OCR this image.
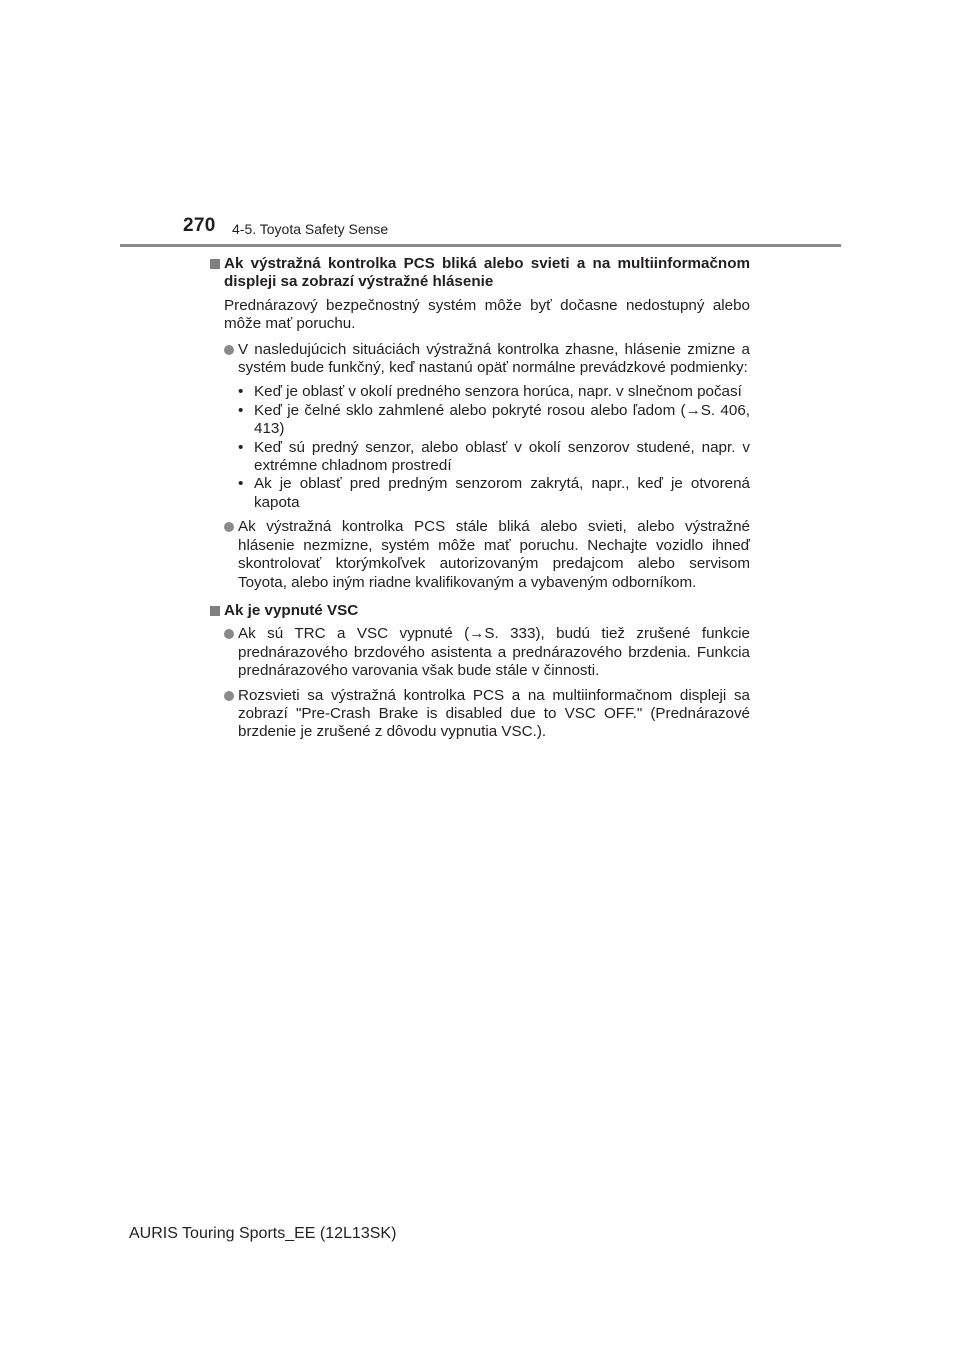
270 4-5. Toyota Safety Sense
Ak výstražná kontrolka PCS bliká alebo svieti a na multiinformačnom displeji sa zobrazí výstražné hlásenie
Prednárazový bezpečnostný systém môže byť dočasne nedostupný alebo môže mať poruchu.
V nasledujúcich situáciách výstražná kontrolka zhasne, hlásenie zmizne a systém bude funkčný, keď nastanú opäť normálne prevádzkové podmienky:
• Keď je oblasť v okolí predného senzora horúca, napr. v slnečnom počasí
• Keď je čelné sklo zahmlené alebo pokryté rosou alebo ľadom (→S. 406, 413)
• Keď sú predný senzor, alebo oblasť v okolí senzorov studené, napr. v extrémne chladnom prostredí
• Ak je oblasť pred predným senzorom zakrytá, napr., keď je otvorená kapota
Ak výstražná kontrolka PCS stále bliká alebo svieti, alebo výstražné hlásenie nezmizne, systém môže mať poruchu. Nechajte vozidlo ihneď skontrolovať ktorýmkoľvek autorizovaným predajcom alebo servisom Toyota, alebo iným riadne kvalifikovaným a vybaveným odborníkom.
Ak je vypnuté VSC
Ak sú TRC a VSC vypnuté (→S. 333), budú tiež zrušené funkcie prednárazového brzdového asistenta a prednárazového brzdenia. Funkcia prednárazového varovania však bude stále v činnosti.
Rozsvieti sa výstražná kontrolka PCS a na multiinformačnom displeji sa zobrazí "Pre-Crash Brake is disabled due to VSC OFF." (Prednárazové brzdenie je zrušené z dôvodu vypnutia VSC.).
AURIS Touring Sports_EE (12L13SK)
